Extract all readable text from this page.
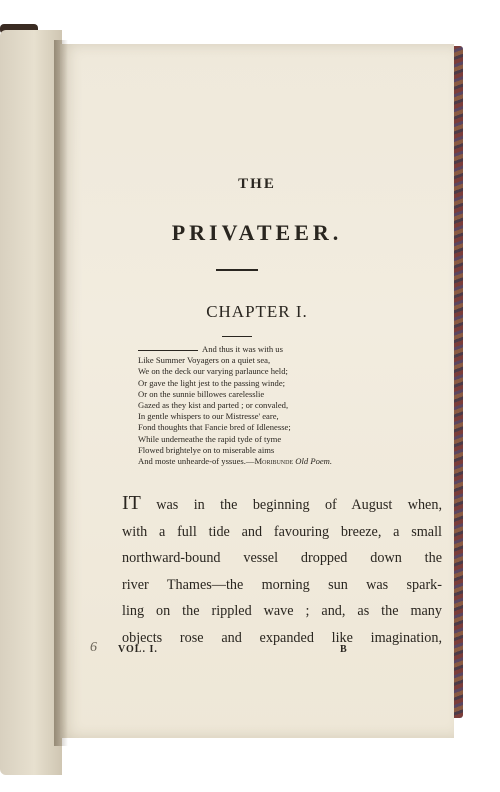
THE
PRIVATEER.
CHAPTER I.
And thus it was with us
Like Summer Voyagers on a quiet sea,
We on the deck our varying parlaunce held;
Or gave the light jest to the passing winde;
Or on the sunnie billowes carelesslie
Gazed as they kist and parted ; or convaled,
In gentle whispers to our Mistresse' eare,
Fond thoughts that Fancie bred of Idlenesse;
While underneathe the rapid tyde of tyme
Flowed brightelye on to miserable aims
And moste unhearde-of yssues.—Moribunde Old Poem.
IT was in the beginning of August when,
with a full tide and favouring breeze, a small
northward-bound vessel dropped down the
river Thames—the morning sun was spark-
ling on the rippled wave ; and, as the many
objects rose and expanded like imagination,
6 VOL. I.	B
